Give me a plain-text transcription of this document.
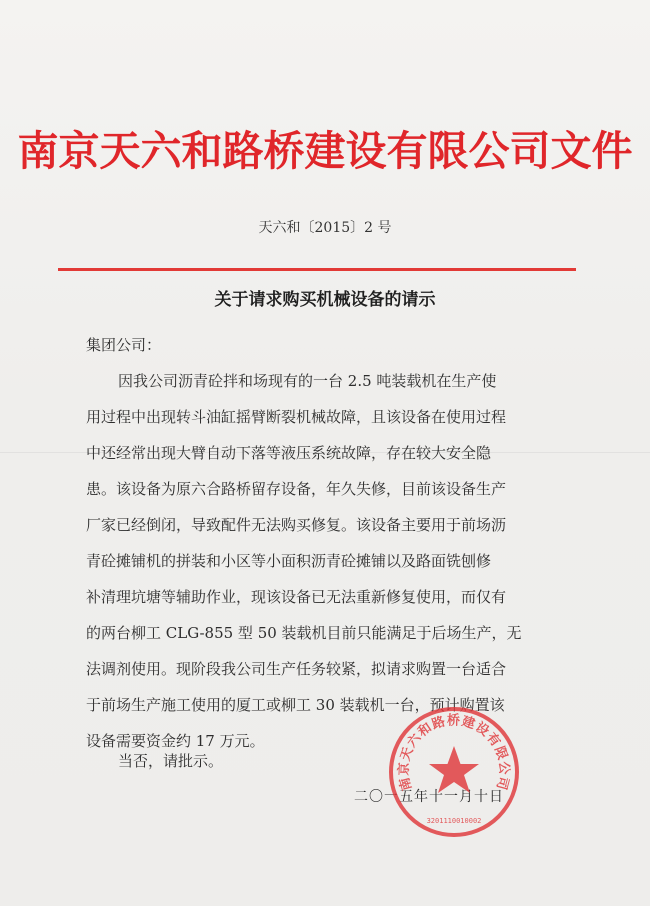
南京天六和路桥建设有限公司文件
天六和〔2015〕2 号
关于请求购买机械设备的请示
集团公司：
因我公司沥青砼拌和场现有的一台 2.5 吨装载机在生产使
用过程中出现转斗油缸摇臂断裂机械故障，且该设备在使用过程
中还经常出现大臂自动下落等液压系统故障，存在较大安全隐
患。该设备为原六合路桥留存设备，年久失修，目前该设备生产
厂家已经倒闭，导致配件无法购买修复。该设备主要用于前场沥
青砼摊铺机的拼装和小区等小面积沥青砼摊铺以及路面铣刨修
补清理坑塘等辅助作业，现该设备已无法重新修复使用，而仅有
的两台柳工 CLG-855 型 50 装载机目前只能满足于后场生产，无
法调剂使用。现阶段我公司生产任务较紧，拟请求购置一台适合
于前场生产施工使用的厦工或柳工 30 装载机一台，预计购置该
设备需要资金约 17 万元。
当否，请批示。
二〇一五年十一月十日
南京天六和路桥建设有限公司
3201110010002
